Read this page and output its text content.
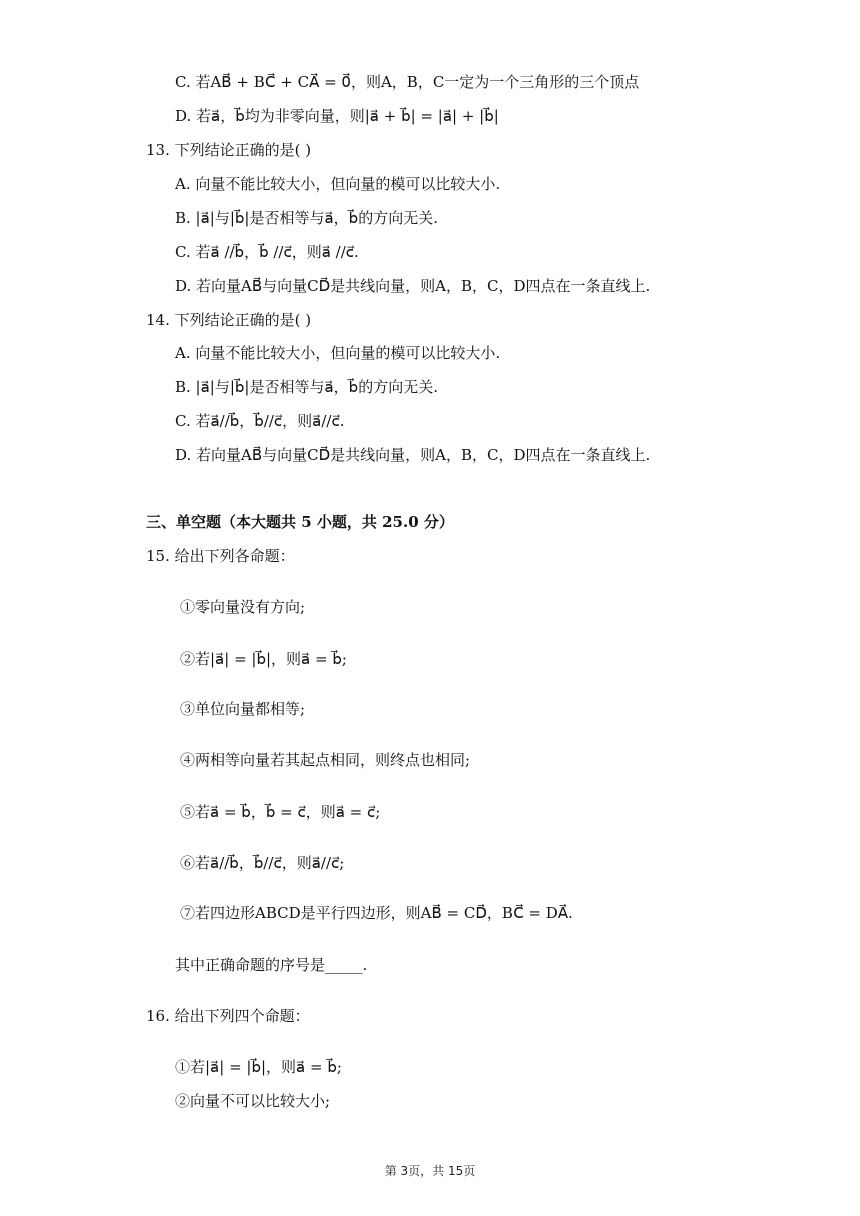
C. 若AB⃗ + BC⃗ + CA⃗ = 0⃗，则A，B，C一定为一个三角形的三个顶点
D. 若a⃗，b⃗均为非零向量，则|a⃗ + b⃗| = |a⃗| + |b⃗|
13. 下列结论正确的是( )
A. 向量不能比较大小，但向量的模可以比较大小.
B. |a⃗|与|b⃗|是否相等与a⃗，b⃗的方向无关.
C. 若a⃗ //b⃗，b⃗ //c⃗，则a⃗ //c⃗.
D. 若向量AB⃗与向量CD⃗是共线向量，则A，B，C，D四点在一条直线上.
14. 下列结论正确的是( )
A. 向量不能比较大小，但向量的模可以比较大小.
B. |a⃗|与|b⃗|是否相等与a⃗，b⃗的方向无关.
C. 若a⃗//b⃗，b⃗//c⃗，则a⃗//c⃗.
D. 若向量AB⃗与向量CD⃗是共线向量，则A，B，C，D四点在一条直线上.
三、单空题（本大题共 5 小题，共 25.0 分）
15. 给出下列各命题：
①零向量没有方向;
②若|a⃗| = |b⃗|，则a⃗ = b⃗;
③单位向量都相等;
④两相等向量若其起点相同，则终点也相同;
⑤若a⃗ = b⃗，b⃗ = c⃗，则a⃗ = c⃗;
⑥若a⃗//b⃗，b⃗//c⃗，则a⃗//c⃗;
⑦若四边形ABCD是平行四边形，则AB⃗ = CD⃗，BC⃗ = DA⃗.
其中正确命题的序号是_____.
16. 给出下列四个命题：
①若|a⃗| = |b⃗|，则a⃗ = b⃗;
②向量不可以比较大小;
第 3页，共 15页
